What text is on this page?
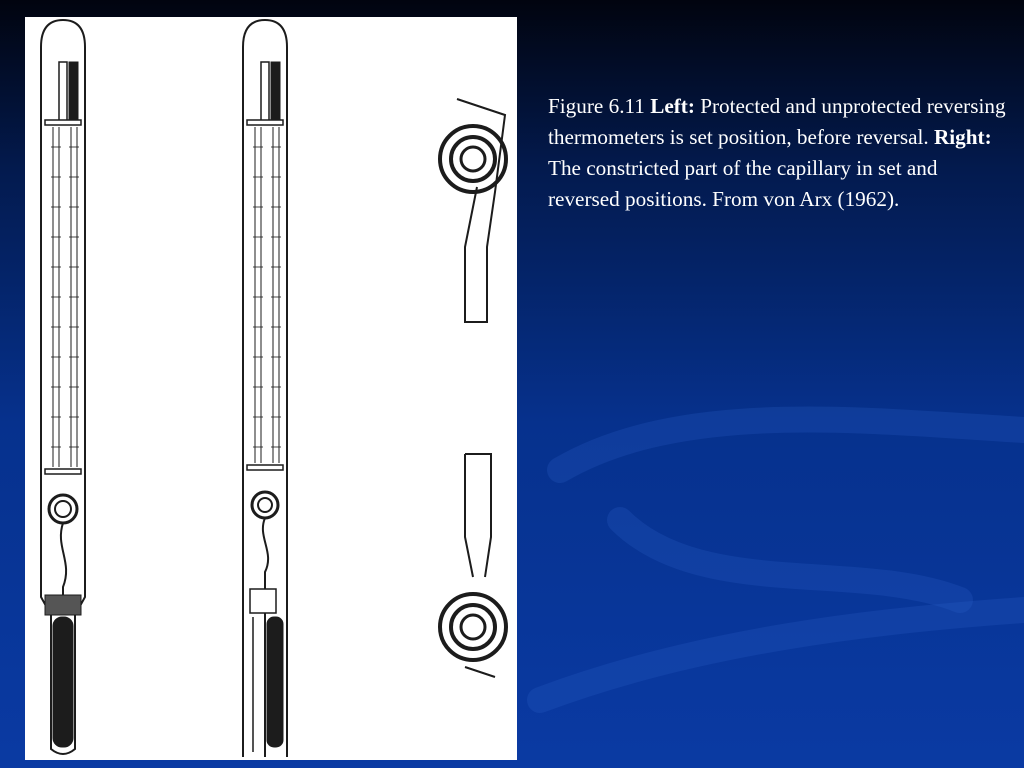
Figure 6.11 Left: Protected and unprotected reversing thermometers is set position, before reversal. Right: The constricted part of the capillary in set and reversed positions. From von Arx (1962).
